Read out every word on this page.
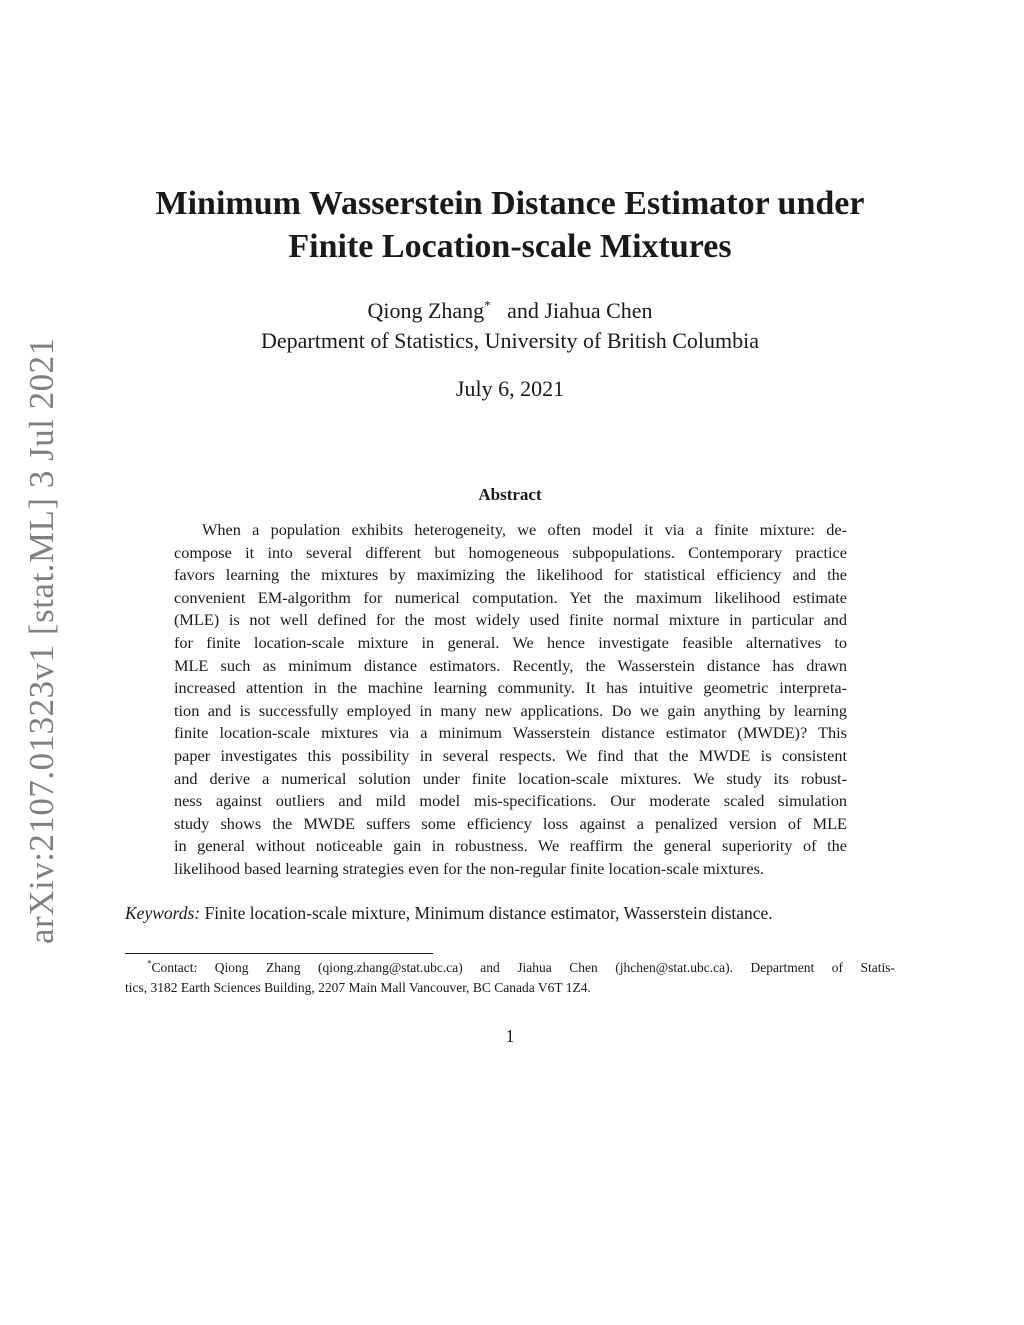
arXiv:2107.01323v1 [stat.ML] 3 Jul 2021
Minimum Wasserstein Distance Estimator under
Finite Location-scale Mixtures
Qiong Zhang* and Jiahua Chen
Department of Statistics, University of British Columbia
July 6, 2021
Abstract
When a population exhibits heterogeneity, we often model it via a finite mixture: de-
compose it into several different but homogeneous subpopulations. Contemporary practice
favors learning the mixtures by maximizing the likelihood for statistical efficiency and the
convenient EM-algorithm for numerical computation. Yet the maximum likelihood estimate
(MLE) is not well defined for the most widely used finite normal mixture in particular and
for finite location-scale mixture in general. We hence investigate feasible alternatives to
MLE such as minimum distance estimators. Recently, the Wasserstein distance has drawn
increased attention in the machine learning community. It has intuitive geometric interpreta-
tion and is successfully employed in many new applications. Do we gain anything by learning
finite location-scale mixtures via a minimum Wasserstein distance estimator (MWDE)? This
paper investigates this possibility in several respects. We find that the MWDE is consistent
and derive a numerical solution under finite location-scale mixtures. We study its robust-
ness against outliers and mild model mis-specifications. Our moderate scaled simulation
study shows the MWDE suffers some efficiency loss against a penalized version of MLE
in general without noticeable gain in robustness. We reaffirm the general superiority of the
likelihood based learning strategies even for the non-regular finite location-scale mixtures.
Keywords: Finite location-scale mixture, Minimum distance estimator, Wasserstein distance.
*Contact: Qiong Zhang (qiong.zhang@stat.ubc.ca) and Jiahua Chen (jhchen@stat.ubc.ca). Department of Statis-
tics, 3182 Earth Sciences Building, 2207 Main Mall Vancouver, BC Canada V6T 1Z4.
1
